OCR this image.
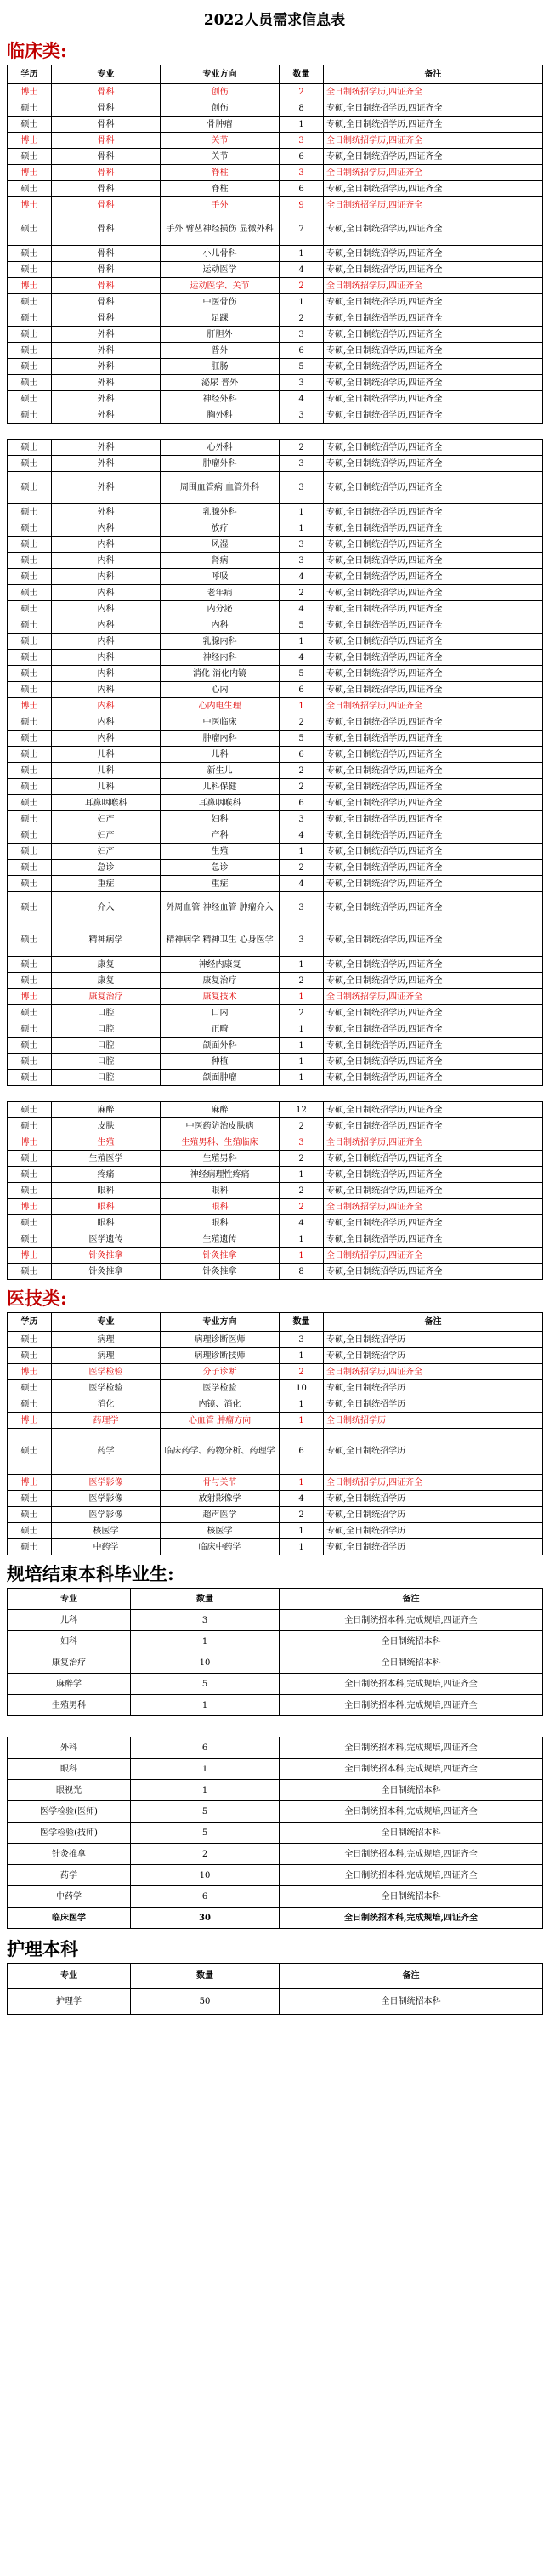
2022人员需求信息表
临床类:
学历	专业	专业方向	数量	备注
博士	骨科	创伤	2	全日制统招学历,四证齐全
硕士	骨科	创伤	8	专硕,全日制统招学历,四证齐全
硕士	骨科	骨肿瘤	1	专硕,全日制统招学历,四证齐全
博士	骨科	关节	3	全日制统招学历,四证齐全
硕士	骨科	关节	6	专硕,全日制统招学历,四证齐全
博士	骨科	脊柱	3	全日制统招学历,四证齐全
硕士	骨科	脊柱	6	专硕,全日制统招学历,四证齐全
博士	骨科	手外	9	全日制统招学历,四证齐全
硕士	骨科	手外 臂丛神经损伤 显微外科	7	专硕,全日制统招学历,四证齐全
硕士	骨科	小儿骨科	1	专硕,全日制统招学历,四证齐全
硕士	骨科	运动医学	4	专硕,全日制统招学历,四证齐全
博士	骨科	运动医学、关节	2	全日制统招学历,四证齐全
硕士	骨科	中医骨伤	1	专硕,全日制统招学历,四证齐全
硕士	骨科	足踝	2	专硕,全日制统招学历,四证齐全
硕士	外科	肝胆外	3	专硕,全日制统招学历,四证齐全
硕士	外科	普外	6	专硕,全日制统招学历,四证齐全
硕士	外科	肛肠	5	专硕,全日制统招学历,四证齐全
硕士	外科	泌尿 普外	3	专硕,全日制统招学历,四证齐全
硕士	外科	神经外科	4	专硕,全日制统招学历,四证齐全
硕士	外科	胸外科	3	专硕,全日制统招学历,四证齐全

硕士	外科	心外科	2	专硕,全日制统招学历,四证齐全
硕士	外科	肿瘤外科	3	专硕,全日制统招学历,四证齐全
硕士	外科	周围血管病 血管外科	3	专硕,全日制统招学历,四证齐全
硕士	外科	乳腺外科	1	专硕,全日制统招学历,四证齐全
硕士	内科	放疗	1	专硕,全日制统招学历,四证齐全
硕士	内科	风湿	3	专硕,全日制统招学历,四证齐全
硕士	内科	肾病	3	专硕,全日制统招学历,四证齐全
硕士	内科	呼吸	4	专硕,全日制统招学历,四证齐全
硕士	内科	老年病	2	专硕,全日制统招学历,四证齐全
硕士	内科	内分泌	4	专硕,全日制统招学历,四证齐全
硕士	内科	内科	5	专硕,全日制统招学历,四证齐全
硕士	内科	乳腺内科	1	专硕,全日制统招学历,四证齐全
硕士	内科	神经内科	4	专硕,全日制统招学历,四证齐全
硕士	内科	消化 消化内镜	5	专硕,全日制统招学历,四证齐全
硕士	内科	心内	6	专硕,全日制统招学历,四证齐全
博士	内科	心内电生理	1	全日制统招学历,四证齐全
硕士	内科	中医临床	2	专硕,全日制统招学历,四证齐全
硕士	内科	肿瘤内科	5	专硕,全日制统招学历,四证齐全
硕士	儿科	儿科	6	专硕,全日制统招学历,四证齐全
硕士	儿科	新生儿	2	专硕,全日制统招学历,四证齐全
硕士	儿科	儿科保健	2	专硕,全日制统招学历,四证齐全
硕士	耳鼻咽喉科	耳鼻咽喉科	6	专硕,全日制统招学历,四证齐全
硕士	妇产	妇科	3	专硕,全日制统招学历,四证齐全
硕士	妇产	产科	4	专硕,全日制统招学历,四证齐全
硕士	妇产	生殖	1	专硕,全日制统招学历,四证齐全
硕士	急诊	急诊	2	专硕,全日制统招学历,四证齐全
硕士	重症	重症	4	专硕,全日制统招学历,四证齐全
硕士	介入	外周血管 神经血管 肿瘤介入	3	专硕,全日制统招学历,四证齐全
硕士	精神病学	精神病学 精神卫生 心身医学	3	专硕,全日制统招学历,四证齐全
硕士	康复	神经内康复	1	专硕,全日制统招学历,四证齐全
硕士	康复	康复治疗	2	专硕,全日制统招学历,四证齐全
博士	康复治疗	康复技术	1	全日制统招学历,四证齐全
硕士	口腔	口内	2	专硕,全日制统招学历,四证齐全
硕士	口腔	正畸	1	专硕,全日制统招学历,四证齐全
硕士	口腔	颌面外科	1	专硕,全日制统招学历,四证齐全
硕士	口腔	种植	1	专硕,全日制统招学历,四证齐全
硕士	口腔	颌面肿瘤	1	专硕,全日制统招学历,四证齐全

硕士	麻醉	麻醉	12	专硕,全日制统招学历,四证齐全
硕士	皮肤	中医药防治皮肤病	2	专硕,全日制统招学历,四证齐全
博士	生殖	生殖男科、生殖临床	3	全日制统招学历,四证齐全
硕士	生殖医学	生殖男科	2	专硕,全日制统招学历,四证齐全
硕士	疼痛	神经病理性疼痛	1	专硕,全日制统招学历,四证齐全
硕士	眼科	眼科	2	专硕,全日制统招学历,四证齐全
博士	眼科	眼科	2	全日制统招学历,四证齐全
硕士	眼科	眼科	4	专硕,全日制统招学历,四证齐全
硕士	医学遗传	生殖遗传	1	专硕,全日制统招学历,四证齐全
博士	针灸推拿	针灸推拿	1	全日制统招学历,四证齐全
硕士	针灸推拿	针灸推拿	8	专硕,全日制统招学历,四证齐全
医技类:
学历	专业	专业方向	数量	备注
硕士	病理	病理诊断医师	3	专硕,全日制统招学历
硕士	病理	病理诊断技师	1	专硕,全日制统招学历
博士	医学检验	分子诊断	2	全日制统招学历,四证齐全
硕士	医学检验	医学检验	10	专硕,全日制统招学历
硕士	消化	内镜、消化	1	专硕,全日制统招学历
博士	药理学	心血管 肿瘤方向	1	全日制统招学历
硕士	药学	临床药学、药物分析、药理学	6	专硕,全日制统招学历
博士	医学影像	骨与关节	1	全日制统招学历,四证齐全
硕士	医学影像	放射影像学	4	专硕,全日制统招学历
硕士	医学影像	超声医学	2	专硕,全日制统招学历
硕士	核医学	核医学	1	专硕,全日制统招学历
硕士	中药学	临床中药学	1	专硕,全日制统招学历
规培结束本科毕业生:
专业	数量	备注
儿科	3	全日制统招本科,完成规培,四证齐全
妇科	1	全日制统招本科
康复治疗	10	全日制统招本科
麻醉学	5	全日制统招本科,完成规培,四证齐全
生殖男科	1	全日制统招本科,完成规培,四证齐全

外科	6	全日制统招本科,完成规培,四证齐全
眼科	1	全日制统招本科,完成规培,四证齐全
眼视光	1	全日制统招本科
医学检验(医师)	5	全日制统招本科,完成规培,四证齐全
医学检验(技师)	5	全日制统招本科
针灸推拿	2	全日制统招本科,完成规培,四证齐全
药学	10	全日制统招本科,完成规培,四证齐全
中药学	6	全日制统招本科
临床医学	30	全日制统招本科,完成规培,四证齐全
护理本科
专业	数量	备注
护理学	50	全日制统招本科
